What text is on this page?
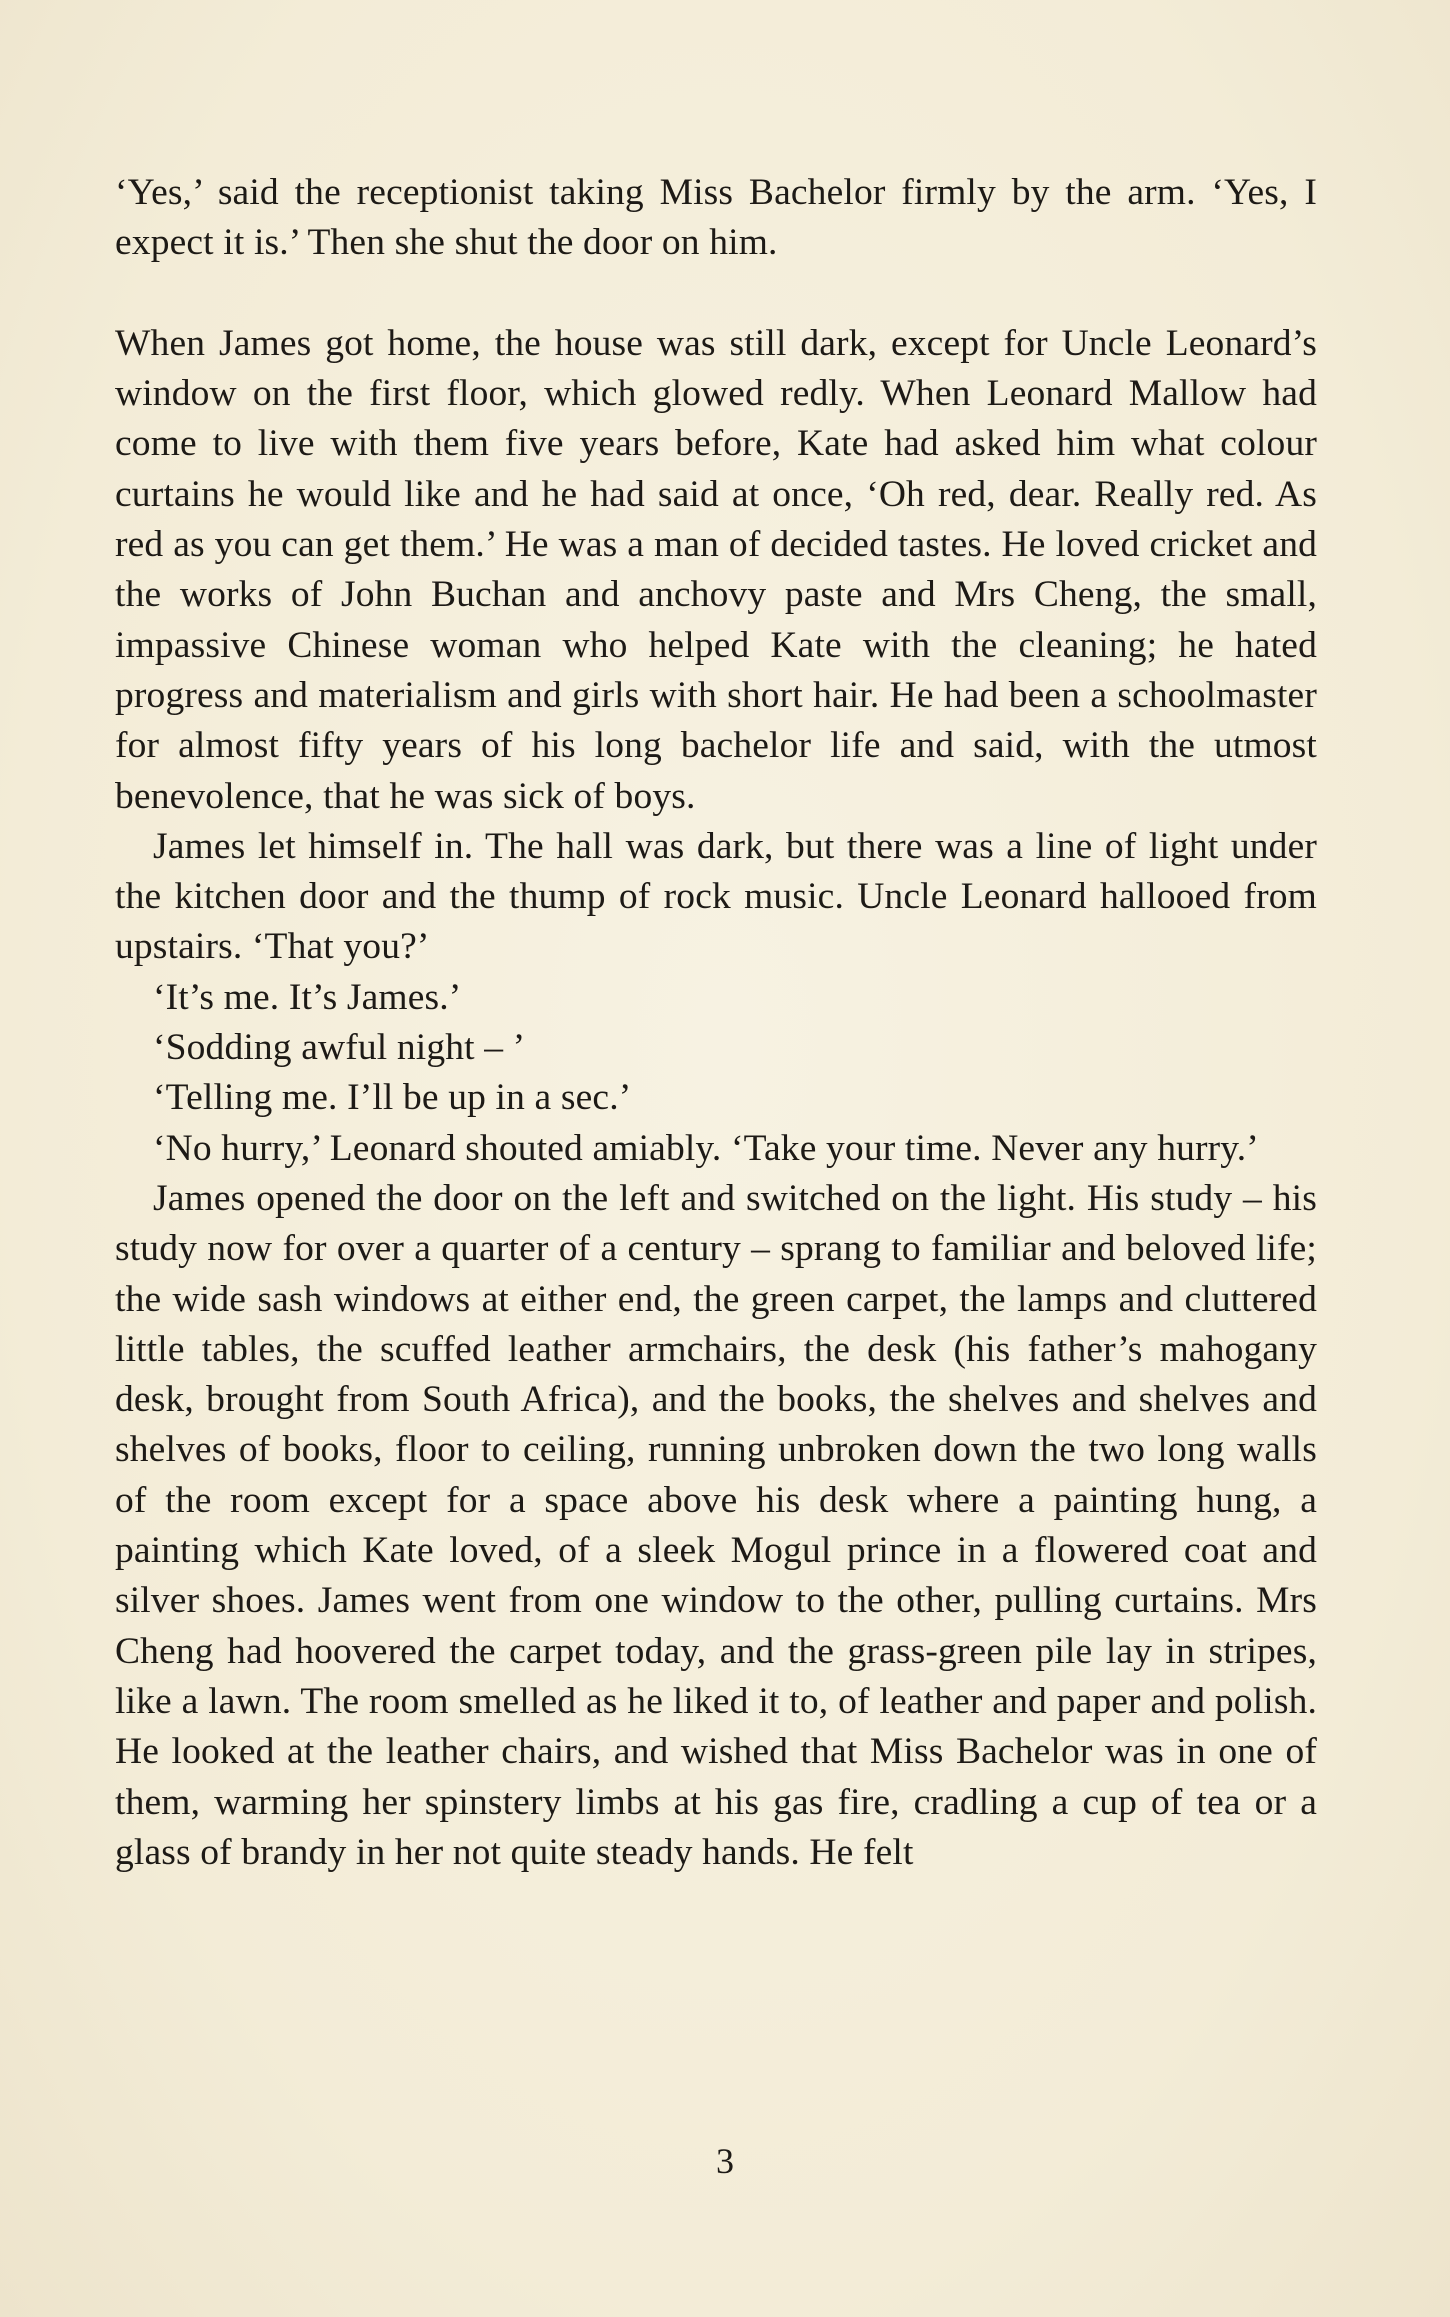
‘Yes,’ said the receptionist taking Miss Bachelor firmly by the arm. ‘Yes, I expect it is.’ Then she shut the door on him.

When James got home, the house was still dark, except for Uncle Leonard’s window on the first floor, which glowed redly. When Leonard Mallow had come to live with them five years before, Kate had asked him what colour curtains he would like and he had said at once, ‘Oh red, dear. Really red. As red as you can get them.’ He was a man of decided tastes. He loved cricket and the works of John Buchan and anchovy paste and Mrs Cheng, the small, impassive Chinese woman who helped Kate with the cleaning; he hated progress and materialism and girls with short hair. He had been a schoolmaster for almost fifty years of his long bachelor life and said, with the utmost benevolence, that he was sick of boys.

James let himself in. The hall was dark, but there was a line of light under the kitchen door and the thump of rock music. Uncle Leonard hallooed from upstairs. ‘That you?’

‘It’s me. It’s James.’

‘Sodding awful night – ’

‘Telling me. I’ll be up in a sec.’

‘No hurry,’ Leonard shouted amiably. ‘Take your time. Never any hurry.’

James opened the door on the left and switched on the light. His study – his study now for over a quarter of a century – sprang to familiar and beloved life; the wide sash windows at either end, the green carpet, the lamps and cluttered little tables, the scuffed leather armchairs, the desk (his father’s mahogany desk, brought from South Africa), and the books, the shelves and shelves and shelves of books, floor to ceiling, running unbroken down the two long walls of the room except for a space above his desk where a painting hung, a painting which Kate loved, of a sleek Mogul prince in a flowered coat and silver shoes. James went from one window to the other, pulling curtains. Mrs Cheng had hoovered the carpet today, and the grass-green pile lay in stripes, like a lawn. The room smelled as he liked it to, of leather and paper and polish. He looked at the leather chairs, and wished that Miss Bachelor was in one of them, warming her spinstery limbs at his gas fire, cradling a cup of tea or a glass of brandy in her not quite steady hands. He felt

3
